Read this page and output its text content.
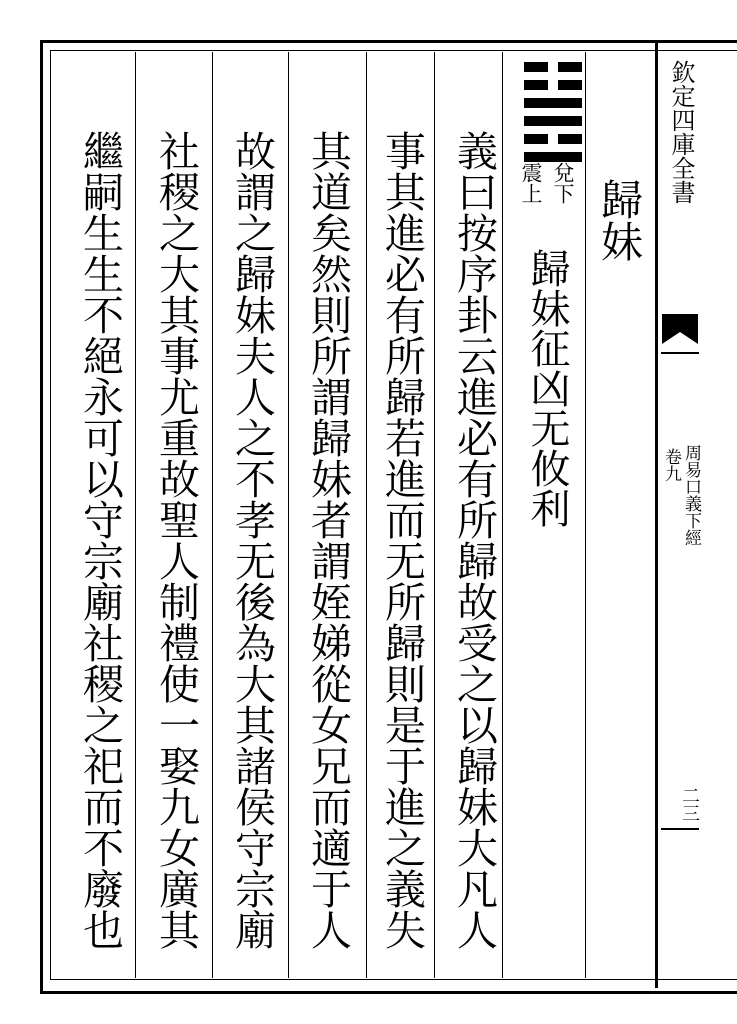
欽定四庫全書
周易口義下經
卷九
二三
歸妹
兌下
震上
歸妹征凶无攸利
義曰按序卦云進必有所歸故受之以歸妹大凡人
事其進必有所歸若進而无所歸則是于進之義失
其道矣然則所謂歸妹者謂姪娣從女兄而適于人
故謂之歸妹夫人之不孝无後為大其諸侯守宗廟
社稷之大其事尤重故聖人制禮使一娶九女廣其
繼嗣生生不絕永可以守宗廟社稷之祀而不廢也
